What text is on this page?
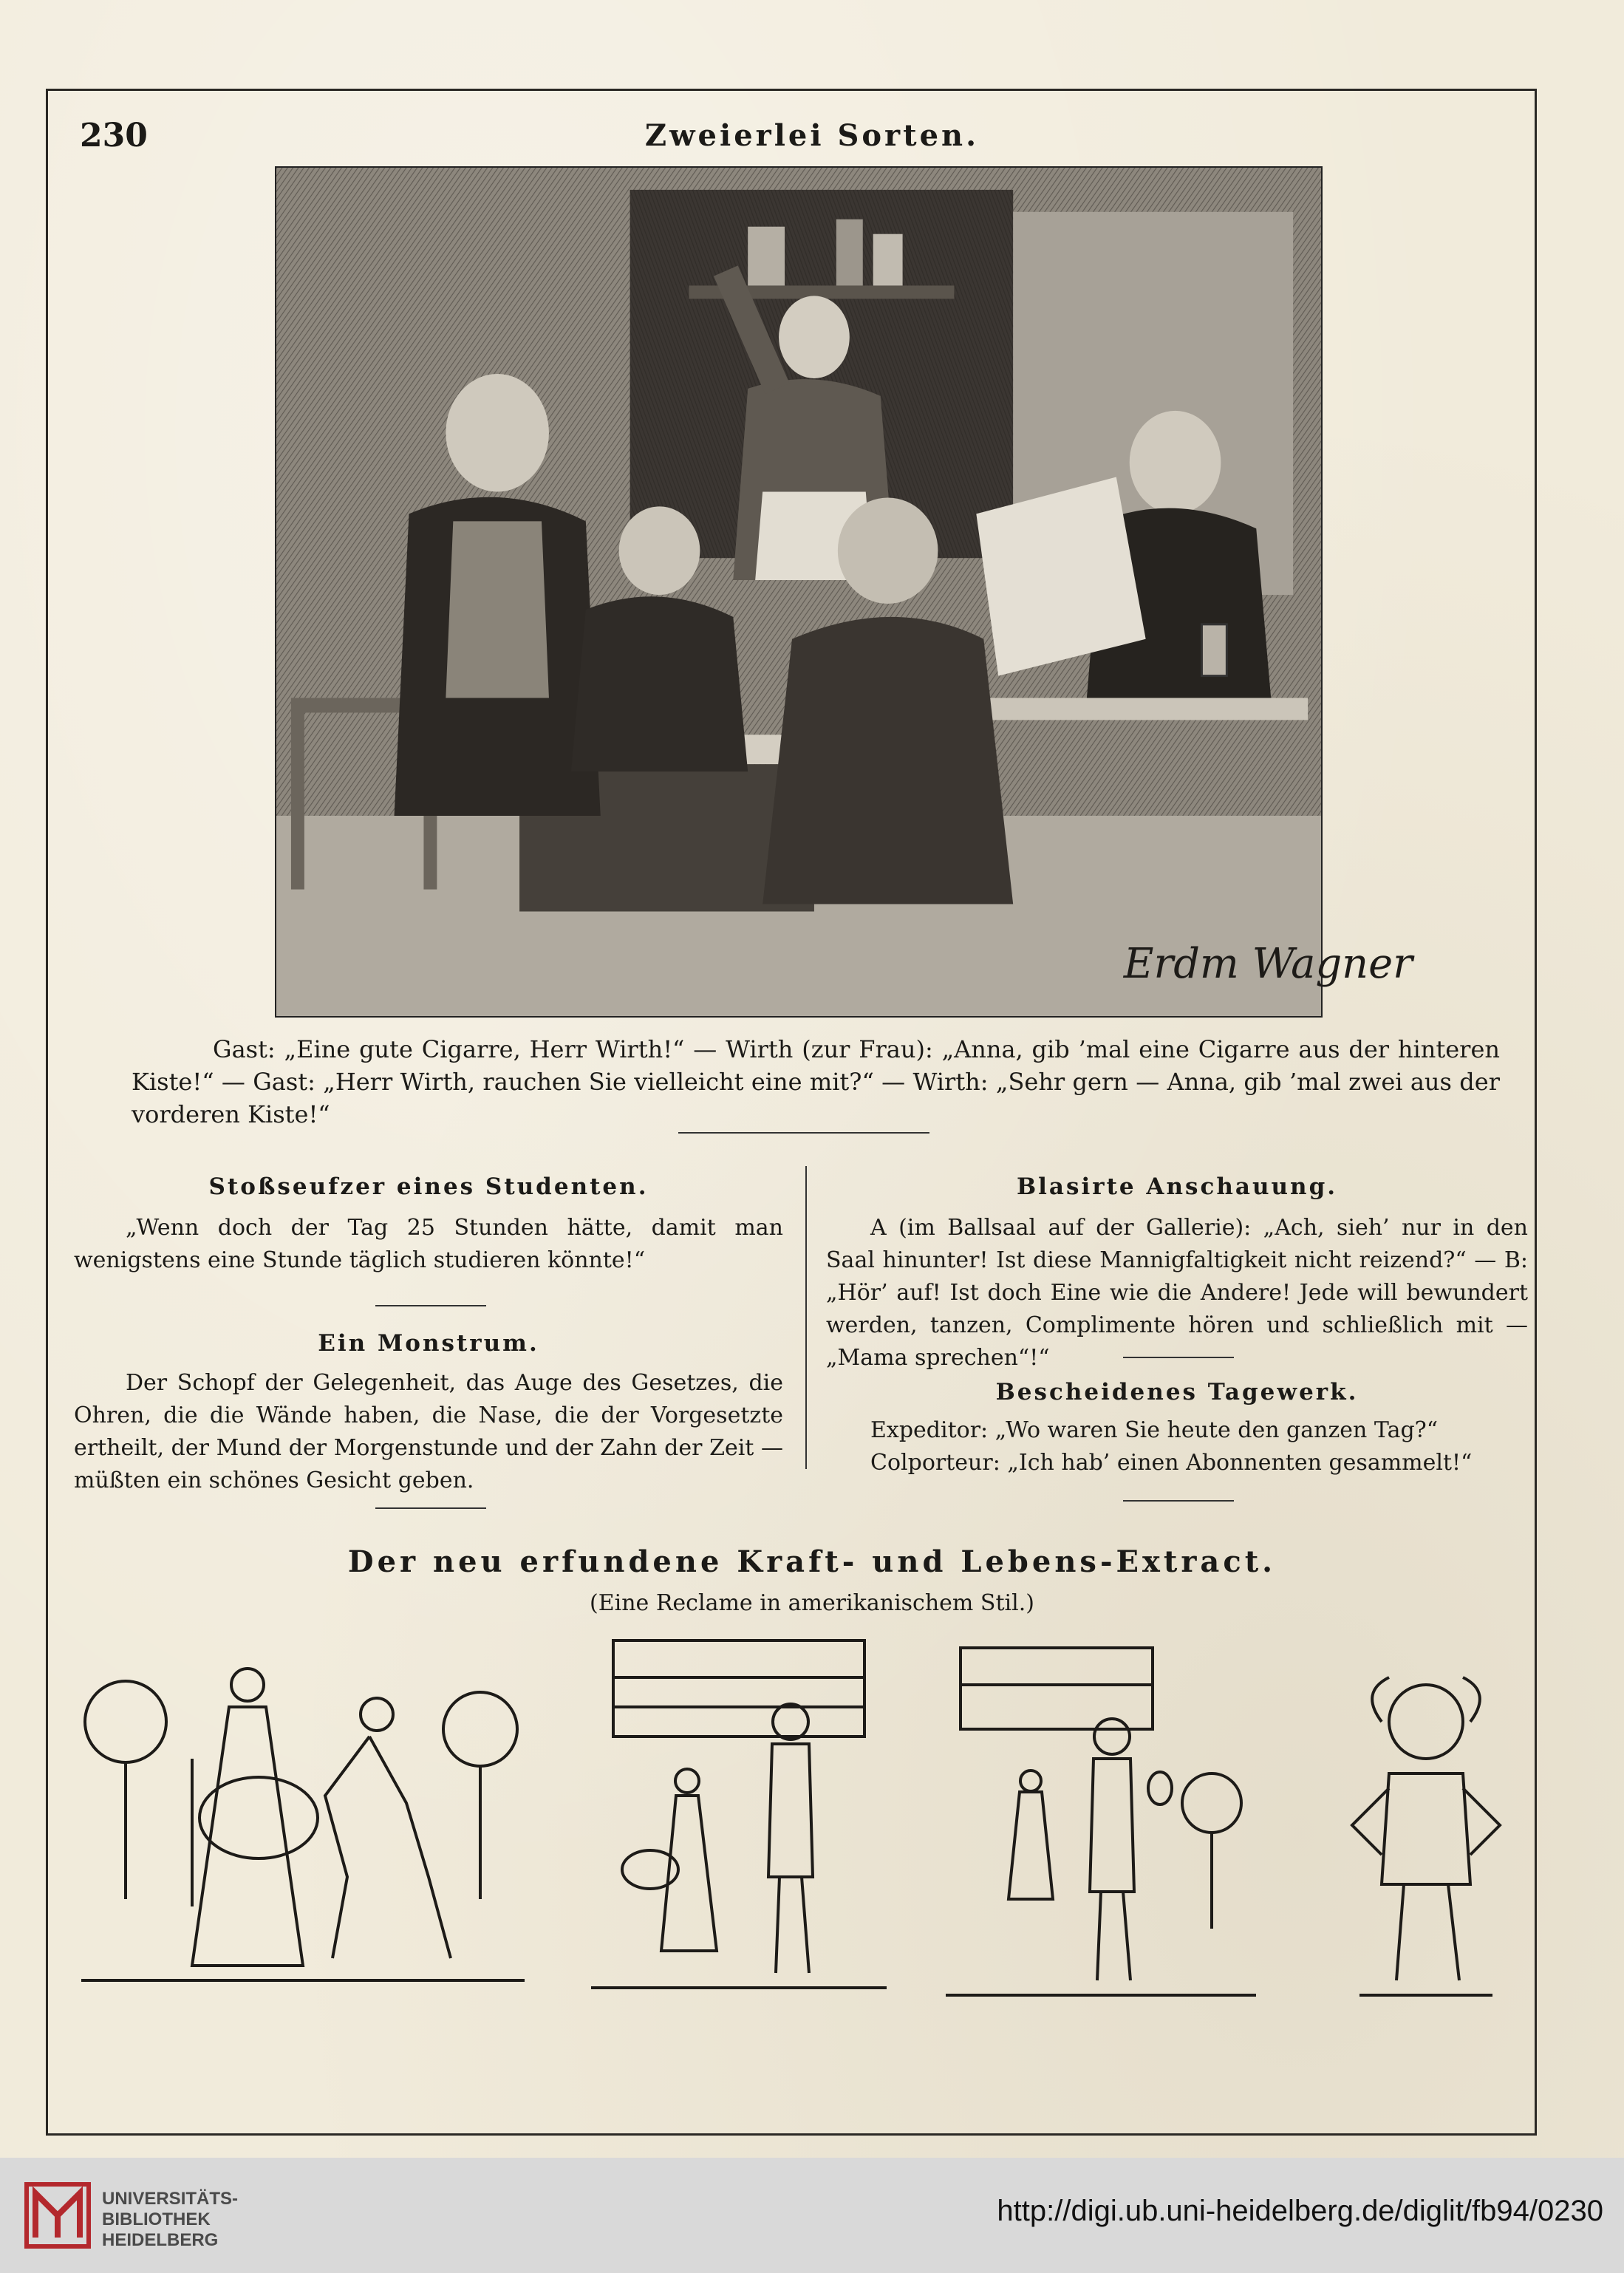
230	Zweierlei Sorten.
Erdm Wagner
Gast: „Eine gute Cigarre, Herr Wirth!“ — Wirth (zur Frau): „Anna, gib ’mal eine Cigarre aus der hinteren Kiste!“ — Gast: „Herr Wirth, rauchen Sie vielleicht eine mit?“ — Wirth: „Sehr gern — Anna, gib ’mal zwei aus der vorderen Kiste!“
Stoßseufzer eines Studenten.
„Wenn doch der Tag 25 Stunden hätte, damit man wenigstens eine Stunde täglich studieren könnte!“
Ein Monstrum.
Der Schopf der Gelegenheit, das Auge des Gesetzes, die Ohren, die die Wände haben, die Nase, die der Vorgesetzte ertheilt, der Mund der Morgenstunde und der Zahn der Zeit — müßten ein schönes Gesicht geben.
Blasirte Anschauung.
A (im Ballsaal auf der Gallerie): „Ach, sieh’ nur in den Saal hinunter! Ist diese Mannigfaltigkeit nicht reizend?“ — B: „Hör’ auf! Ist doch Eine wie die Andere! Jede will bewundert werden, tanzen, Complimente hören und schließlich mit — „Mama sprechen“!“
Bescheidenes Tagewerk.
Expeditor: „Wo waren Sie heute den ganzen Tag?“
Colporteur: „Ich hab’ einen Abonnenten gesammelt!“
Der neu erfundene Kraft- und Lebens-Extract.
(Eine Reclame in amerikanischem Stil.)
UNIVERSITÄTS-
BIBLIOTHEK
HEIDELBERG
http://digi.ub.uni-heidelberg.de/diglit/fb94/0230
